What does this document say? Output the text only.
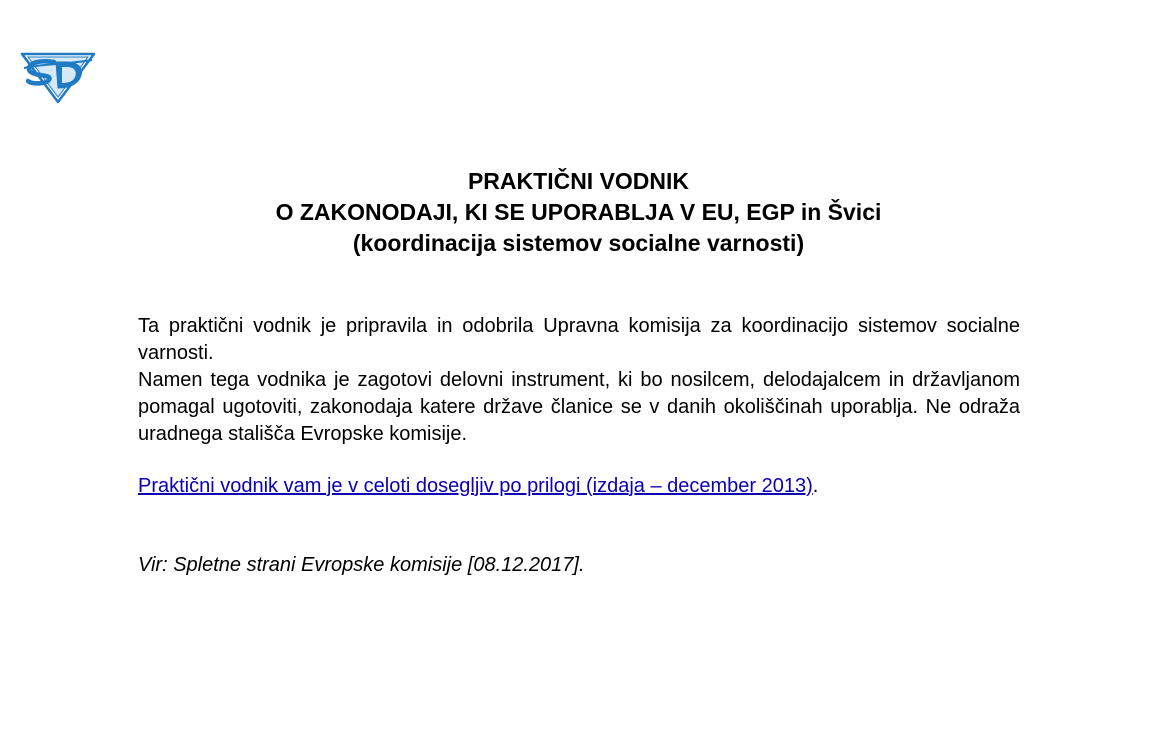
PRAKTIČNI VODNIK
O ZAKONODAJI, KI SE UPORABLJA V EU, EGP in Švici
(koordinacija sistemov socialne varnosti)

Ta praktični vodnik je pripravila in odobrila Upravna komisija za koordinacijo sistemov socialne varnosti.

Namen tega vodnika je zagotovi delovni instrument, ki bo nosilcem, delodajalcem in državljanom pomagal ugotoviti, zakonodaja katere države članice se v danih okoliščinah uporablja. Ne odraža uradnega stališča Evropske komisije.

Praktični vodnik vam je v celoti dosegljiv po prilogi (izdaja – december 2013).
Vir: Spletne strani Evropske komisije [08.12.2017].
